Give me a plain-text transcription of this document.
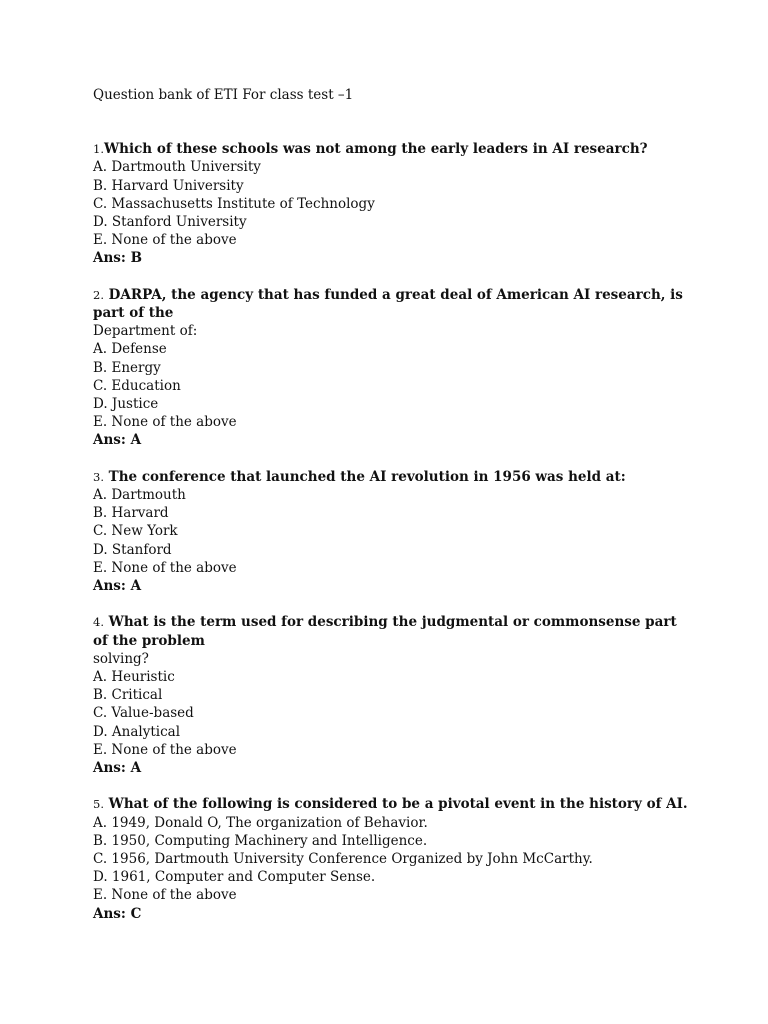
Question bank of ETI For class test –1
1.Which of these schools was not among the early leaders in AI research?
A. Dartmouth University
B. Harvard University
C. Massachusetts Institute of Technology
D. Stanford University
E. None of the above
Ans: B
2. DARPA, the agency that has funded a great deal of American AI research, is part of the
Department of:
A. Defense
B. Energy
C. Education
D. Justice
E. None of the above
Ans: A
3. The conference that launched the AI revolution in 1956 was held at:
A. Dartmouth
B. Harvard
C. New York
D. Stanford
E. None of the above
Ans: A
4. What is the term used for describing the judgmental or commonsense part of the problem
solving?
A. Heuristic
B. Critical
C. Value-based
D. Analytical
E. None of the above
Ans: A
5. What of the following is considered to be a pivotal event in the history of AI.
A. 1949, Donald O, The organization of Behavior.
B. 1950, Computing Machinery and Intelligence.
C. 1956, Dartmouth University Conference Organized by John McCarthy.
D. 1961, Computer and Computer Sense.
E. None of the above
Ans: C
